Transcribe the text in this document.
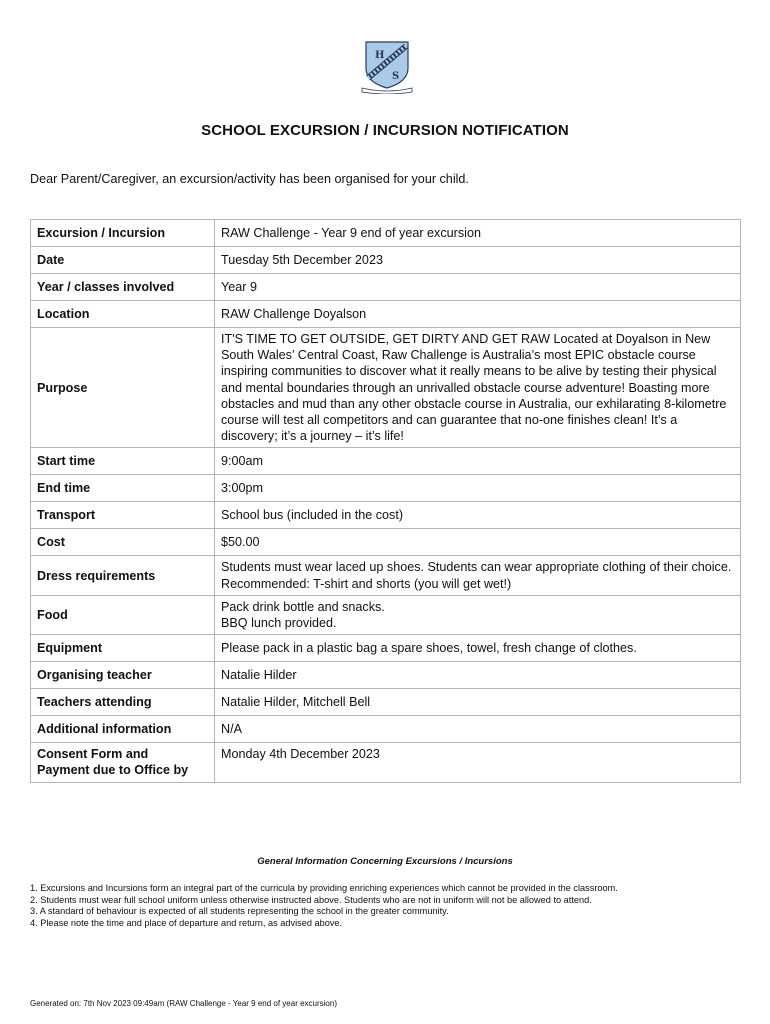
H
S
SCHOOL EXCURSION / INCURSION NOTIFICATION
Dear Parent/Caregiver, an excursion/activity has been organised for your child.
Excursion / Incursion	RAW Challenge - Year 9 end of year excursion
Date	Tuesday 5th December 2023
Year / classes involved	Year 9
Location	RAW Challenge Doyalson
Purpose	IT'S TIME TO GET OUTSIDE, GET DIRTY AND GET RAW Located at Doyalson in New South Wales’ Central Coast, Raw Challenge is Australia’s most EPIC obstacle course inspiring communities to discover what it really means to be alive by testing their physical and mental boundaries through an unrivalled obstacle course adventure! Boasting more obstacles and mud than any other obstacle course in Australia, our exhilarating 8-kilometre course will test all competitors and can guarantee that no-one finishes clean! It’s a discovery; it’s a journey – it’s life!
Start time	9:00am
End time	3:00pm
Transport	School bus (included in the cost)
Cost	$50.00
Dress requirements	Students must wear laced up shoes. Students can wear appropriate clothing of their choice.
Recommended: T-shirt and shorts (you will get wet!)

Food	Pack drink bottle and snacks.
BBQ lunch provided.

Equipment	Please pack in a plastic bag a spare shoes, towel, fresh change of clothes.
Organising teacher	Natalie Hilder
Teachers attending	Natalie Hilder, Mitchell Bell
Additional information	N/A

Consent Form and
Payment due to Office by	Monday 4th December 2023
General Information Concerning Excursions / Incursions
1. Excursions and Incursions form an integral part of the curricula by providing enriching experiences which cannot be provided in the classroom.
2. Students must wear full school uniform unless otherwise instructed above. Students who are not in uniform will not be allowed to attend.
3. A standard of behaviour is expected of all students representing the school in the greater community.
4. Please note the time and place of departure and return, as advised above.
Generated on: 7th Nov 2023 09:49am (RAW Challenge - Year 9 end of year excursion)
